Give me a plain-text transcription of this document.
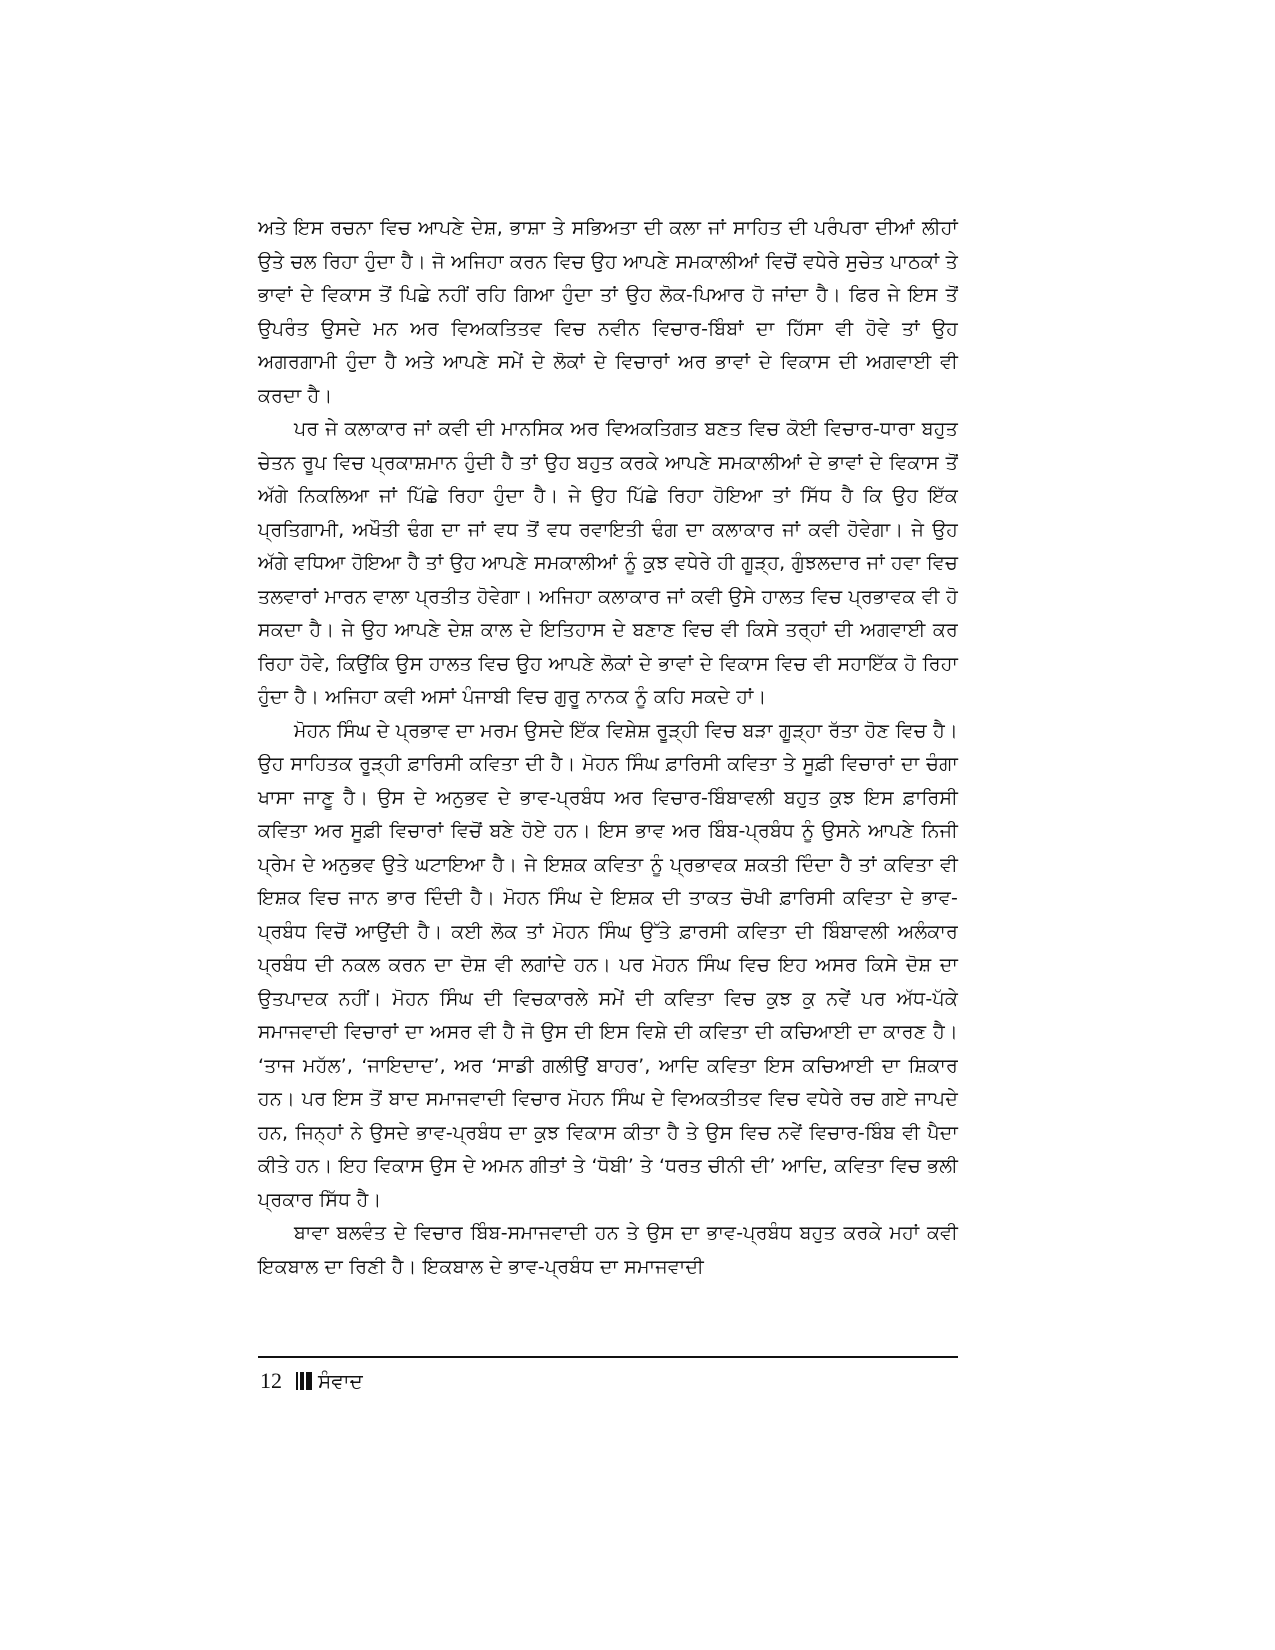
ਅਤੇ ਇਸ ਰਚਨਾ ਵਿਚ ਆਪਣੇ ਦੇਸ਼, ਭਾਸ਼ਾ ਤੇ ਸਭਿਅਤਾ ਦੀ ਕਲਾ ਜਾਂ ਸਾਹਿਤ ਦੀ ਪਰੰਪਰਾ ਦੀਆਂ ਲੀਹਾਂ ਉਤੇ ਚਲ ਰਿਹਾ ਹੁੰਦਾ ਹੈ। ਜੋ ਅਜਿਹਾ ਕਰਨ ਵਿਚ ਉਹ ਆਪਣੇ ਸਮਕਾਲੀਆਂ ਵਿਚੋਂ ਵਧੇਰੇ ਸੁਚੇਤ ਪਾਠਕਾਂ ਤੇ ਭਾਵਾਂ ਦੇ ਵਿਕਾਸ ਤੋਂ ਪਿਛੇ ਨਹੀਂ ਰਹਿ ਗਿਆ ਹੁੰਦਾ ਤਾਂ ਉਹ ਲੋਕ-ਪਿਆਰ ਹੋ ਜਾਂਦਾ ਹੈ। ਫਿਰ ਜੇ ਇਸ ਤੋਂ ਉਪਰੰਤ ਉਸਦੇ ਮਨ ਅਰ ਵਿਅਕਤਿਤਵ ਵਿਚ ਨਵੀਨ ਵਿਚਾਰ-ਬਿੰਬਾਂ ਦਾ ਹਿੱਸਾ ਵੀ ਹੋਵੇ ਤਾਂ ਉਹ ਅਗਰਗਾਮੀ ਹੁੰਦਾ ਹੈ ਅਤੇ ਆਪਣੇ ਸਮੇਂ ਦੇ ਲੋਕਾਂ ਦੇ ਵਿਚਾਰਾਂ ਅਰ ਭਾਵਾਂ ਦੇ ਵਿਕਾਸ ਦੀ ਅਗਵਾਈ ਵੀ ਕਰਦਾ ਹੈ।

ਪਰ ਜੇ ਕਲਾਕਾਰ ਜਾਂ ਕਵੀ ਦੀ ਮਾਨਸਿਕ ਅਰ ਵਿਅਕਤਿਗਤ ਬਣਤ ਵਿਚ ਕੋਈ ਵਿਚਾਰ-ਧਾਰਾ ਬਹੁਤ ਚੇਤਨ ਰੂਪ ਵਿਚ ਪ੍ਰਕਾਸ਼ਮਾਨ ਹੁੰਦੀ ਹੈ ਤਾਂ ਉਹ ਬਹੁਤ ਕਰਕੇ ਆਪਣੇ ਸਮਕਾਲੀਆਂ ਦੇ ਭਾਵਾਂ ਦੇ ਵਿਕਾਸ ਤੋਂ ਅੱਗੇ ਨਿਕਲਿਆ ਜਾਂ ਪਿੱਛੇ ਰਿਹਾ ਹੁੰਦਾ ਹੈ। ਜੇ ਉਹ ਪਿੱਛੇ ਰਿਹਾ ਹੋਇਆ ਤਾਂ ਸਿੱਧ ਹੈ ਕਿ ਉਹ ਇੱਕ ਪ੍ਰਤਿਗਾਮੀ, ਅਖੌਤੀ ਢੰਗ ਦਾ ਜਾਂ ਵਧ ਤੋਂ ਵਧ ਰਵਾਇਤੀ ਢੰਗ ਦਾ ਕਲਾਕਾਰ ਜਾਂ ਕਵੀ ਹੋਵੇਗਾ। ਜੇ ਉਹ ਅੱਗੇ ਵਧਿਆ ਹੋਇਆ ਹੈ ਤਾਂ ਉਹ ਆਪਣੇ ਸਮਕਾਲੀਆਂ ਨੂੰ ਕੁਝ ਵਧੇਰੇ ਹੀ ਗੂੜ੍ਹ, ਗੁੰਝਲਦਾਰ ਜਾਂ ਹਵਾ ਵਿਚ ਤਲਵਾਰਾਂ ਮਾਰਨ ਵਾਲਾ ਪ੍ਰਤੀਤ ਹੋਵੇਗਾ। ਅਜਿਹਾ ਕਲਾਕਾਰ ਜਾਂ ਕਵੀ ਉਸੇ ਹਾਲਤ ਵਿਚ ਪ੍ਰਭਾਵਕ ਵੀ ਹੋ ਸਕਦਾ ਹੈ। ਜੇ ਉਹ ਆਪਣੇ ਦੇਸ਼ ਕਾਲ ਦੇ ਇਤਿਹਾਸ ਦੇ ਬਣਾਣ ਵਿਚ ਵੀ ਕਿਸੇ ਤਰ੍ਹਾਂ ਦੀ ਅਗਵਾਈ ਕਰ ਰਿਹਾ ਹੋਵੇ, ਕਿਉਂਕਿ ਉਸ ਹਾਲਤ ਵਿਚ ਉਹ ਆਪਣੇ ਲੋਕਾਂ ਦੇ ਭਾਵਾਂ ਦੇ ਵਿਕਾਸ ਵਿਚ ਵੀ ਸਹਾਇੱਕ ਹੋ ਰਿਹਾ ਹੁੰਦਾ ਹੈ। ਅਜਿਹਾ ਕਵੀ ਅਸਾਂ ਪੰਜਾਬੀ ਵਿਚ ਗੁਰੂ ਨਾਨਕ ਨੂੰ ਕਹਿ ਸਕਦੇ ਹਾਂ।

ਮੋਹਨ ਸਿੰਘ ਦੇ ਪ੍ਰਭਾਵ ਦਾ ਮਰਮ ਉਸਦੇ ਇੱਕ ਵਿਸ਼ੇਸ਼ ਰੂੜ੍ਹੀ ਵਿਚ ਬੜਾ ਗੂੜ੍ਹਾ ਰੱਤਾ ਹੋਣ ਵਿਚ ਹੈ। ਉਹ ਸਾਹਿਤਕ ਰੂੜ੍ਹੀ ਫ਼ਾਰਿਸੀ ਕਵਿਤਾ ਦੀ ਹੈ। ਮੋਹਨ ਸਿੰਘ ਫ਼ਾਰਿਸੀ ਕਵਿਤਾ ਤੇ ਸੂਫ਼ੀ ਵਿਚਾਰਾਂ ਦਾ ਚੰਗਾ ਖਾਸਾ ਜਾਣੂ ਹੈ। ਉਸ ਦੇ ਅਨੁਭਵ ਦੇ ਭਾਵ-ਪ੍ਰਬੰਧ ਅਰ ਵਿਚਾਰ-ਬਿੰਬਾਵਲੀ ਬਹੁਤ ਕੁਝ ਇਸ ਫ਼ਾਰਿਸੀ ਕਵਿਤਾ ਅਰ ਸੂਫ਼ੀ ਵਿਚਾਰਾਂ ਵਿਚੋਂ ਬਣੇ ਹੋਏ ਹਨ। ਇਸ ਭਾਵ ਅਰ ਬਿੰਬ-ਪ੍ਰਬੰਧ ਨੂੰ ਉਸਨੇ ਆਪਣੇ ਨਿਜੀ ਪ੍ਰੇਮ ਦੇ ਅਨੁਭਵ ਉਤੇ ਘਟਾਇਆ ਹੈ। ਜੇ ਇਸ਼ਕ ਕਵਿਤਾ ਨੂੰ ਪ੍ਰਭਾਵਕ ਸ਼ਕਤੀ ਦਿੰਦਾ ਹੈ ਤਾਂ ਕਵਿਤਾ ਵੀ ਇਸ਼ਕ ਵਿਚ ਜਾਨ ਭਾਰ ਦਿੰਦੀ ਹੈ। ਮੋਹਨ ਸਿੰਘ ਦੇ ਇਸ਼ਕ ਦੀ ਤਾਕਤ ਚੋਖੀ ਫ਼ਾਰਿਸੀ ਕਵਿਤਾ ਦੇ ਭਾਵ-ਪ੍ਰਬੰਧ ਵਿਚੋਂ ਆਉਂਦੀ ਹੈ। ਕਈ ਲੋਕ ਤਾਂ ਮੋਹਨ ਸਿੰਘ ਉੱਤੇ ਫ਼ਾਰਸੀ ਕਵਿਤਾ ਦੀ ਬਿੰਬਾਵਲੀ ਅਲੰਕਾਰ ਪ੍ਰਬੰਧ ਦੀ ਨਕਲ ਕਰਨ ਦਾ ਦੋਸ਼ ਵੀ ਲਗਾਂਦੇ ਹਨ। ਪਰ ਮੋਹਨ ਸਿੰਘ ਵਿਚ ਇਹ ਅਸਰ ਕਿਸੇ ਦੋਸ਼ ਦਾ ਉਤਪਾਦਕ ਨਹੀਂ। ਮੋਹਨ ਸਿੰਘ ਦੀ ਵਿਚਕਾਰਲੇ ਸਮੇਂ ਦੀ ਕਵਿਤਾ ਵਿਚ ਕੁਝ ਕੁ ਨਵੇਂ ਪਰ ਅੱਧ-ਪੱਕੇ ਸਮਾਜਵਾਦੀ ਵਿਚਾਰਾਂ ਦਾ ਅਸਰ ਵੀ ਹੈ ਜੋ ਉਸ ਦੀ ਇਸ ਵਿਸ਼ੇ ਦੀ ਕਵਿਤਾ ਦੀ ਕਚਿਆਈ ਦਾ ਕਾਰਣ ਹੈ। ‘ਤਾਜ ਮਹੱਲ’, ‘ਜਾਇਦਾਦ’, ਅਰ ‘ਸਾਡੀ ਗਲੀਉਂ ਬਾਹਰ’, ਆਦਿ ਕਵਿਤਾ ਇਸ ਕਚਿਆਈ ਦਾ ਸ਼ਿਕਾਰ ਹਨ। ਪਰ ਇਸ ਤੋਂ ਬਾਦ ਸਮਾਜਵਾਦੀ ਵਿਚਾਰ ਮੋਹਨ ਸਿੰਘ ਦੇ ਵਿਅਕਤੀਤਵ ਵਿਚ ਵਧੇਰੇ ਰਚ ਗਏ ਜਾਪਦੇ ਹਨ, ਜਿਨ੍ਹਾਂ ਨੇ ਉਸਦੇ ਭਾਵ-ਪ੍ਰਬੰਧ ਦਾ ਕੁਝ ਵਿਕਾਸ ਕੀਤਾ ਹੈ ਤੇ ਉਸ ਵਿਚ ਨਵੇਂ ਵਿਚਾਰ-ਬਿੰਬ ਵੀ ਪੈਦਾ ਕੀਤੇ ਹਨ। ਇਹ ਵਿਕਾਸ ਉਸ ਦੇ ਅਮਨ ਗੀਤਾਂ ਤੇ ‘ਧੋਬੀ’ ਤੇ ‘ਧਰਤ ਚੀਨੀ ਦੀ’ ਆਦਿ, ਕਵਿਤਾ ਵਿਚ ਭਲੀ ਪ੍ਰਕਾਰ ਸਿੱਧ ਹੈ।

ਬਾਵਾ ਬਲਵੰਤ ਦੇ ਵਿਚਾਰ ਬਿੰਬ-ਸਮਾਜਵਾਦੀ ਹਨ ਤੇ ਉਸ ਦਾ ਭਾਵ-ਪ੍ਰਬੰਧ ਬਹੁਤ ਕਰਕੇ ਮਹਾਂ ਕਵੀ ਇਕਬਾਲ ਦਾ ਰਿਣੀ ਹੈ। ਇਕਬਾਲ ਦੇ ਭਾਵ-ਪ੍ਰਬੰਧ ਦਾ ਸਮਾਜਵਾਦੀ

12 ਸੰਵਾਦ
